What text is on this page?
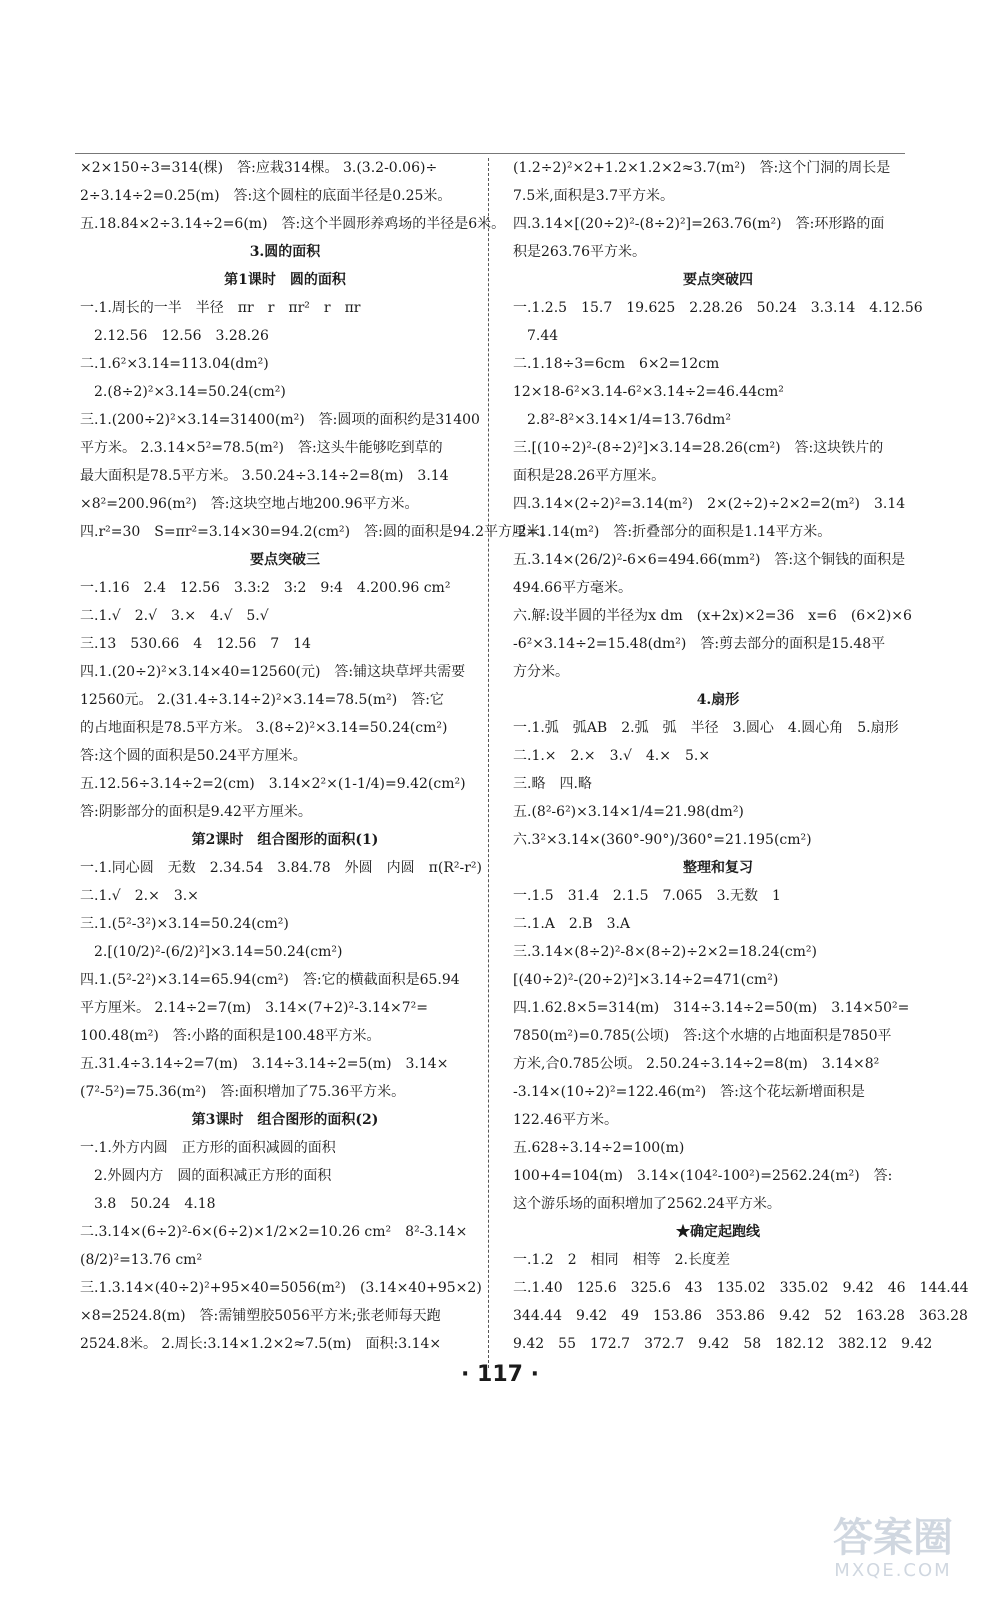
×2×150÷3=314(棵)　答:应栽314棵。 3.(3.2-0.06)÷

2÷3.14÷2=0.25(m)　答:这个圆柱的底面半径是0.25米。

五.18.84×2÷3.14÷2=6(m)　答:这个半圆形养鸡场的半径是6米。

3.圆的面积

第1课时　圆的面积

一.1.周长的一半　半径　πr　r　πr²　r　πr

　2.12.56　12.56　3.28.26

二.1.6²×3.14=113.04(dm²)

　2.(8÷2)²×3.14=50.24(cm²)

三.1.(200÷2)²×3.14=31400(m²)　答:圆项的面积约是31400

平方米。 2.3.14×5²=78.5(m²)　答:这头牛能够吃到草的

最大面积是78.5平方米。 3.50.24÷3.14÷2=8(m)　3.14

×8²=200.96(m²)　答:这块空地占地200.96平方米。

四.r²=30　S=πr²=3.14×30=94.2(cm²)　答:圆的面积是94.2平方厘米。

要点突破三

一.1.16　2.4　12.56　3.3:2　3:2　9:4　4.200.96 cm²

二.1.√　2.√　3.×　4.√　5.√

三.13　530.66　4　12.56　7　14

四.1.(20÷2)²×3.14×40=12560(元)　答:铺这块草坪共需要

12560元。 2.(31.4÷3.14÷2)²×3.14=78.5(m²)　答:它

的占地面积是78.5平方米。 3.(8÷2)²×3.14=50.24(cm²)

答:这个圆的面积是50.24平方厘米。

五.12.56÷3.14÷2=2(cm)　3.14×2²×(1-1/4)=9.42(cm²)

答:阴影部分的面积是9.42平方厘米。

第2课时　组合图形的面积(1)

一.1.同心圆　无数　2.34.54　3.84.78　外圆　内圆　π(R²-r²)

二.1.√　2.×　3.×

三.1.(5²-3²)×3.14=50.24(cm²)

　2.[(10/2)²-(6/2)²]×3.14=50.24(cm²)

四.1.(5²-2²)×3.14=65.94(cm²)　答:它的横截面积是65.94

平方厘米。 2.14÷2=7(m)　3.14×(7+2)²-3.14×7²=

100.48(m²)　答:小路的面积是100.48平方米。

五.31.4÷3.14÷2=7(m)　3.14÷3.14÷2=5(m)　3.14×

(7²-5²)=75.36(m²)　答:面积增加了75.36平方米。

第3课时　组合图形的面积(2)

一.1.外方内圆　正方形的面积减圆的面积

　2.外圆内方　圆的面积减正方形的面积

　3.8　50.24　4.18

二.3.14×(6÷2)²-6×(6÷2)×1/2×2=10.26 cm²　8²-3.14×

(8/2)²=13.76 cm²

三.1.3.14×(40÷2)²+95×40=5056(m²)　(3.14×40+95×2)

×8=2524.8(m)　答:需铺塑胶5056平方米;张老师每天跑

2524.8米。 2.周长:3.14×1.2×2≈7.5(m)　面积:3.14×

(1.2÷2)²×2+1.2×1.2×2≈3.7(m²)　答:这个门洞的周长是

7.5米,面积是3.7平方米。

四.3.14×[(20÷2)²-(8÷2)²]=263.76(m²)　答:环形路的面

积是263.76平方米。

要点突破四

一.1.2.5　15.7　19.625　2.28.26　50.24　3.3.14　4.12.56

　7.44

二.1.18÷3=6cm　6×2=12cm

12×18-6²×3.14-6²×3.14÷2=46.44cm²

　2.8²-8²×3.14×1/4=13.76dm²

三.[(10÷2)²-(8÷2)²]×3.14=28.26(cm²)　答:这块铁片的

面积是28.26平方厘米。

四.3.14×(2÷2)²=3.14(m²)　2×(2÷2)÷2×2=2(m²)　3.14

-2=1.14(m²)　答:折叠部分的面积是1.14平方米。

五.3.14×(26/2)²-6×6=494.66(mm²)　答:这个铜钱的面积是

494.66平方毫米。

六.解:设半圆的半径为x dm　(x+2x)×2=36　x=6　(6×2)×6

-6²×3.14÷2=15.48(dm²)　答:剪去部分的面积是15.48平

方分米。

4.扇形

一.1.弧　弧AB　2.弧　弧　半径　3.圆心　4.圆心角　5.扇形

二.1.×　2.×　3.√　4.×　5.×

三.略　四.略

五.(8²-6²)×3.14×1/4=21.98(dm²)

六.3²×3.14×(360°-90°)/360°=21.195(cm²)

整理和复习

一.1.5　31.4　2.1.5　7.065　3.无数　1

二.1.A　2.B　3.A

三.3.14×(8÷2)²-8×(8÷2)÷2×2=18.24(cm²)

[(40÷2)²-(20÷2)²]×3.14÷2=471(cm²)

四.1.62.8×5=314(m)　314÷3.14÷2=50(m)　3.14×50²=

7850(m²)=0.785(公顷)　答:这个水塘的占地面积是7850平

方米,合0.785公顷。 2.50.24÷3.14÷2=8(m)　3.14×8²

-3.14×(10÷2)²=122.46(m²)　答:这个花坛新增面积是

122.46平方米。

五.628÷3.14÷2=100(m)

100+4=104(m)　3.14×(104²-100²)=2562.24(m²)　答:

这个游乐场的面积增加了2562.24平方米。

★确定起跑线

一.1.2　2　相同　相等　2.长度差

二.1.40　125.6　325.6　43　135.02　335.02　9.42　46　144.44

344.44　9.42　49　153.86　353.86　9.42　52　163.28　363.28

9.42　55　172.7　372.7　9.42　58　182.12　382.12　9.42

· 117 ·
答案圈
MXQE.COM
